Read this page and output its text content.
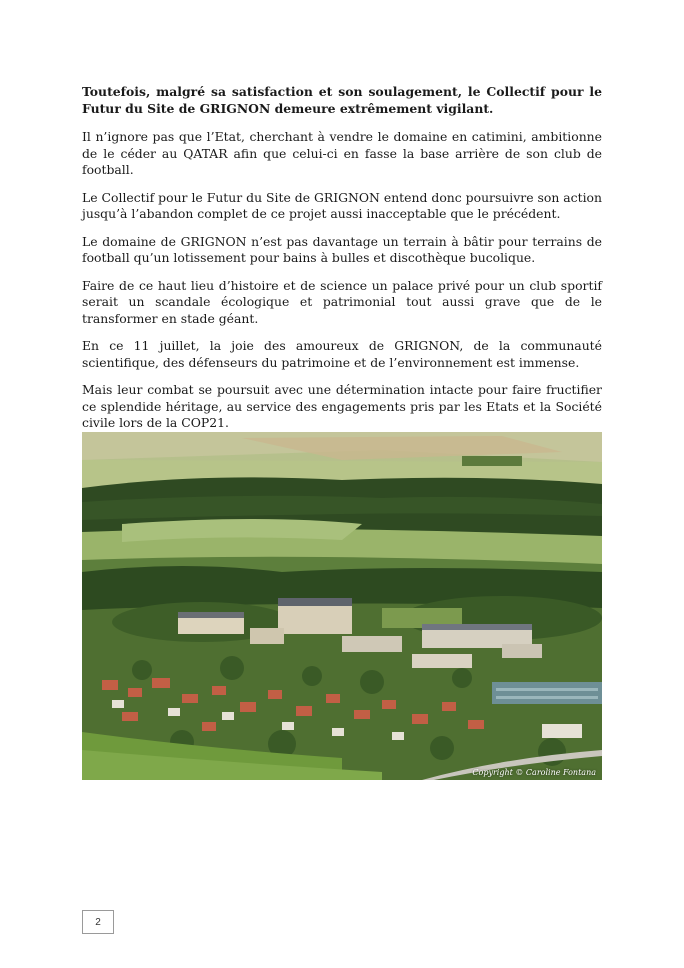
Toutefois, malgré sa satisfaction et son soulagement, le Collectif pour le Futur du Site de GRIGNON demeure extrêmement vigilant.

Il n’ignore pas que l’Etat, cherchant à vendre le domaine en catimini, ambitionne de le céder au QATAR afin que celui-ci en fasse la base arrière de son club de football.

Le Collectif pour le Futur du Site de GRIGNON entend donc poursuivre son action jusqu’à l’abandon complet de ce projet aussi inacceptable que le précédent.

Le domaine de GRIGNON n’est pas davantage un terrain à bâtir pour terrains de football qu’un lotissement pour bains à bulles et discothèque bucolique.

Faire de ce haut lieu d’histoire et de science un palace privé pour un club sportif serait un scandale écologique et patrimonial tout aussi grave que de le transformer en stade géant.

En ce 11 juillet, la joie des amoureux de GRIGNON, de la communauté scientifique, des défenseurs du patrimoine et de l’environnement est immense.

Mais leur combat se poursuit avec une détermination intacte pour faire fructifier ce splendide héritage, au service des engagements pris par les Etats et la Société civile lors de la COP21.

Copyright © Caroline Fontana
2
